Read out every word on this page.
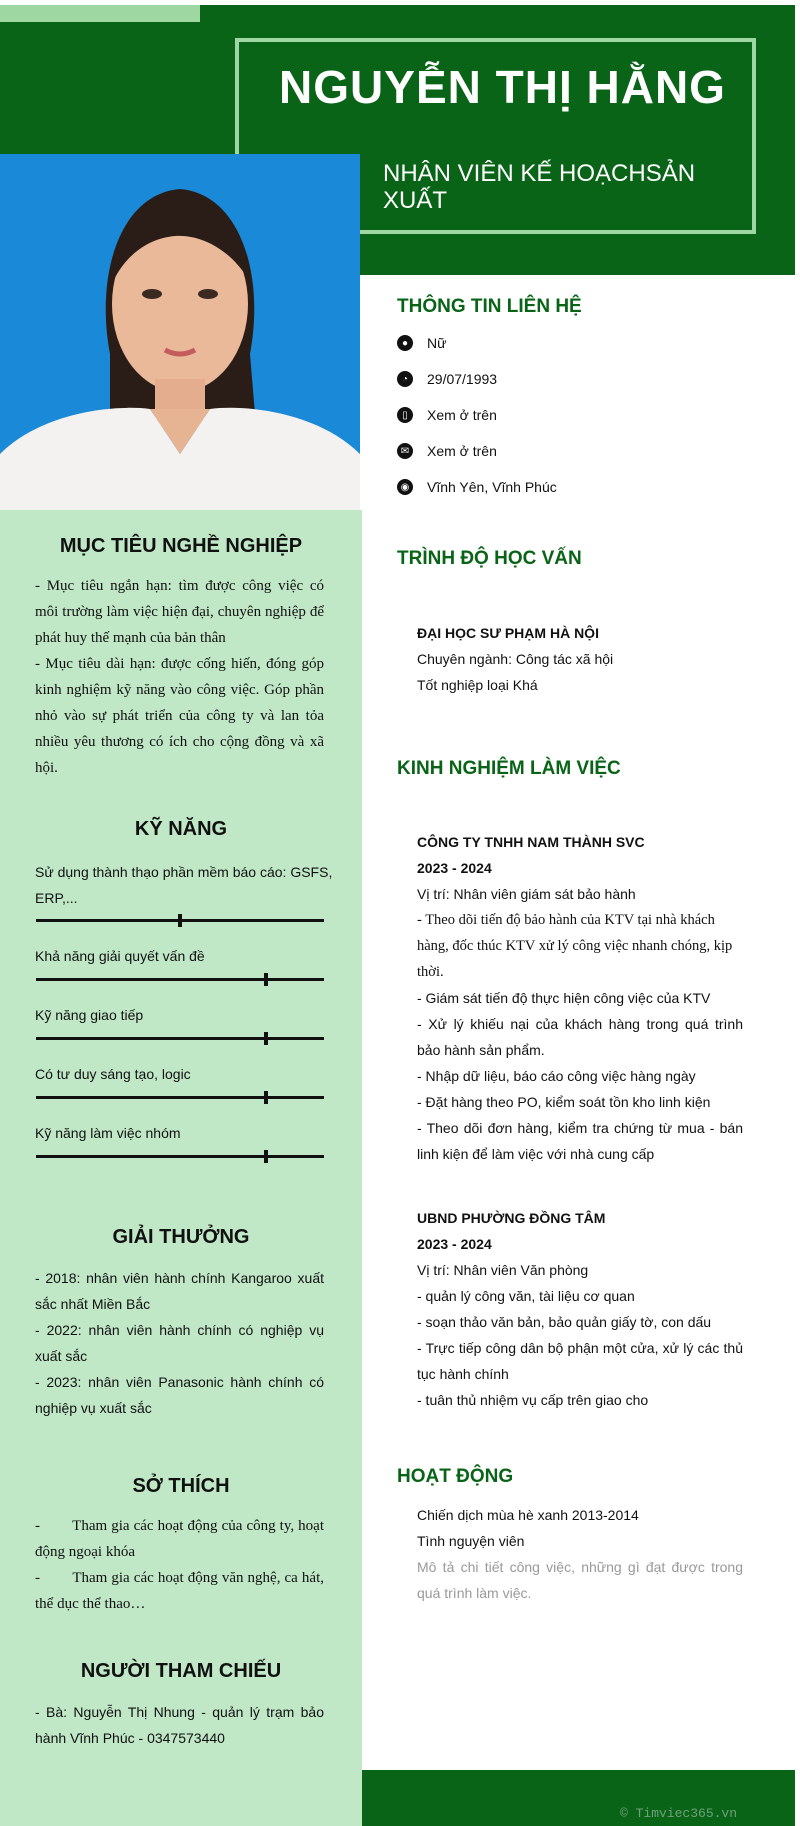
NGUYỄN THỊ HẰNG
NHÂN VIÊN KẾ HOẠCHSẢN XUẤT
MỤC TIÊU NGHỀ NGHIỆP
- Mục tiêu ngắn hạn: tìm được công việc có môi trường làm việc hiện đại, chuyên nghiệp để phát huy thế mạnh của bản thân
- Mục tiêu dài hạn: được cống hiến, đóng góp kinh nghiệm kỹ năng vào công việc. Góp phần nhỏ vào sự phát triển của công ty và lan tỏa nhiều yêu thương có ích cho cộng đồng và xã hội.
KỸ NĂNG
Sử dụng thành thạo phần mềm báo cáo: GSFS, ERP,...
Khả năng giải quyết vấn đề
Kỹ năng giao tiếp
Có tư duy sáng tạo, logic
Kỹ năng làm việc nhóm
GIẢI THƯỞNG
- 2018: nhân viên hành chính Kangaroo xuất sắc nhất Miền Bắc
- 2022: nhân viên hành chính có nghiệp vụ xuất sắc
- 2023: nhân viên Panasonic hành chính có nghiệp vụ xuất sắc
SỞ THÍCH
-        Tham gia các hoạt động của công ty, hoạt động ngoại khóa
-        Tham gia các hoạt động văn nghệ, ca hát, thể dục thể thao…
NGƯỜI THAM CHIẾU
- Bà: Nguyễn Thị Nhung - quản lý trạm bảo hành Vĩnh Phúc - 0347573440
THÔNG TIN LIÊN HỆ
●	Nữ
◔	29/07/1993
▯	Xem ở trên
✉ Xem ở trên
◉ Vĩnh Yên, Vĩnh Phúc
TRÌNH ĐỘ HỌC VẤN
ĐẠI HỌC SƯ PHẠM HÀ NỘI
Chuyên ngành: Công tác xã hội
Tốt nghiệp loại Khá
KINH NGHIỆM LÀM VIỆC
CÔNG TY TNHH NAM THÀNH SVC
2023 - 2024
Vị trí: Nhân viên giám sát bảo hành
- Theo dõi tiến độ bảo hành của KTV tại nhà khách hàng, đốc thúc KTV xử lý công việc nhanh chóng, kịp thời.
- Giám sát tiến độ thực hiện công việc của KTV
- Xử lý khiếu nại của khách hàng trong quá trình bảo hành sản phẩm.
- Nhập dữ liệu, báo cáo công việc hàng ngày
- Đặt hàng theo PO, kiểm soát tồn kho linh kiện
- Theo dõi đơn hàng, kiểm tra chứng từ mua - bán linh kiện để làm việc với nhà cung cấp
UBND PHƯỜNG ĐỒNG TÂM
2023 - 2024
Vị trí: Nhân viên Văn phòng
- quản lý công văn, tài liệu cơ quan
- soạn thảo văn bản, bảo quản giấy tờ, con dấu
- Trực tiếp công dân bộ phận một cửa, xử lý các thủ tục hành chính
- tuân thủ nhiệm vụ cấp trên giao cho
HOẠT ĐỘNG
Chiến dịch mùa hè xanh 2013-2014
Tình nguyện viên
Mô tả chi tiết công việc, những gì đạt được trong quá trình làm việc.
© Timviec365.vn
